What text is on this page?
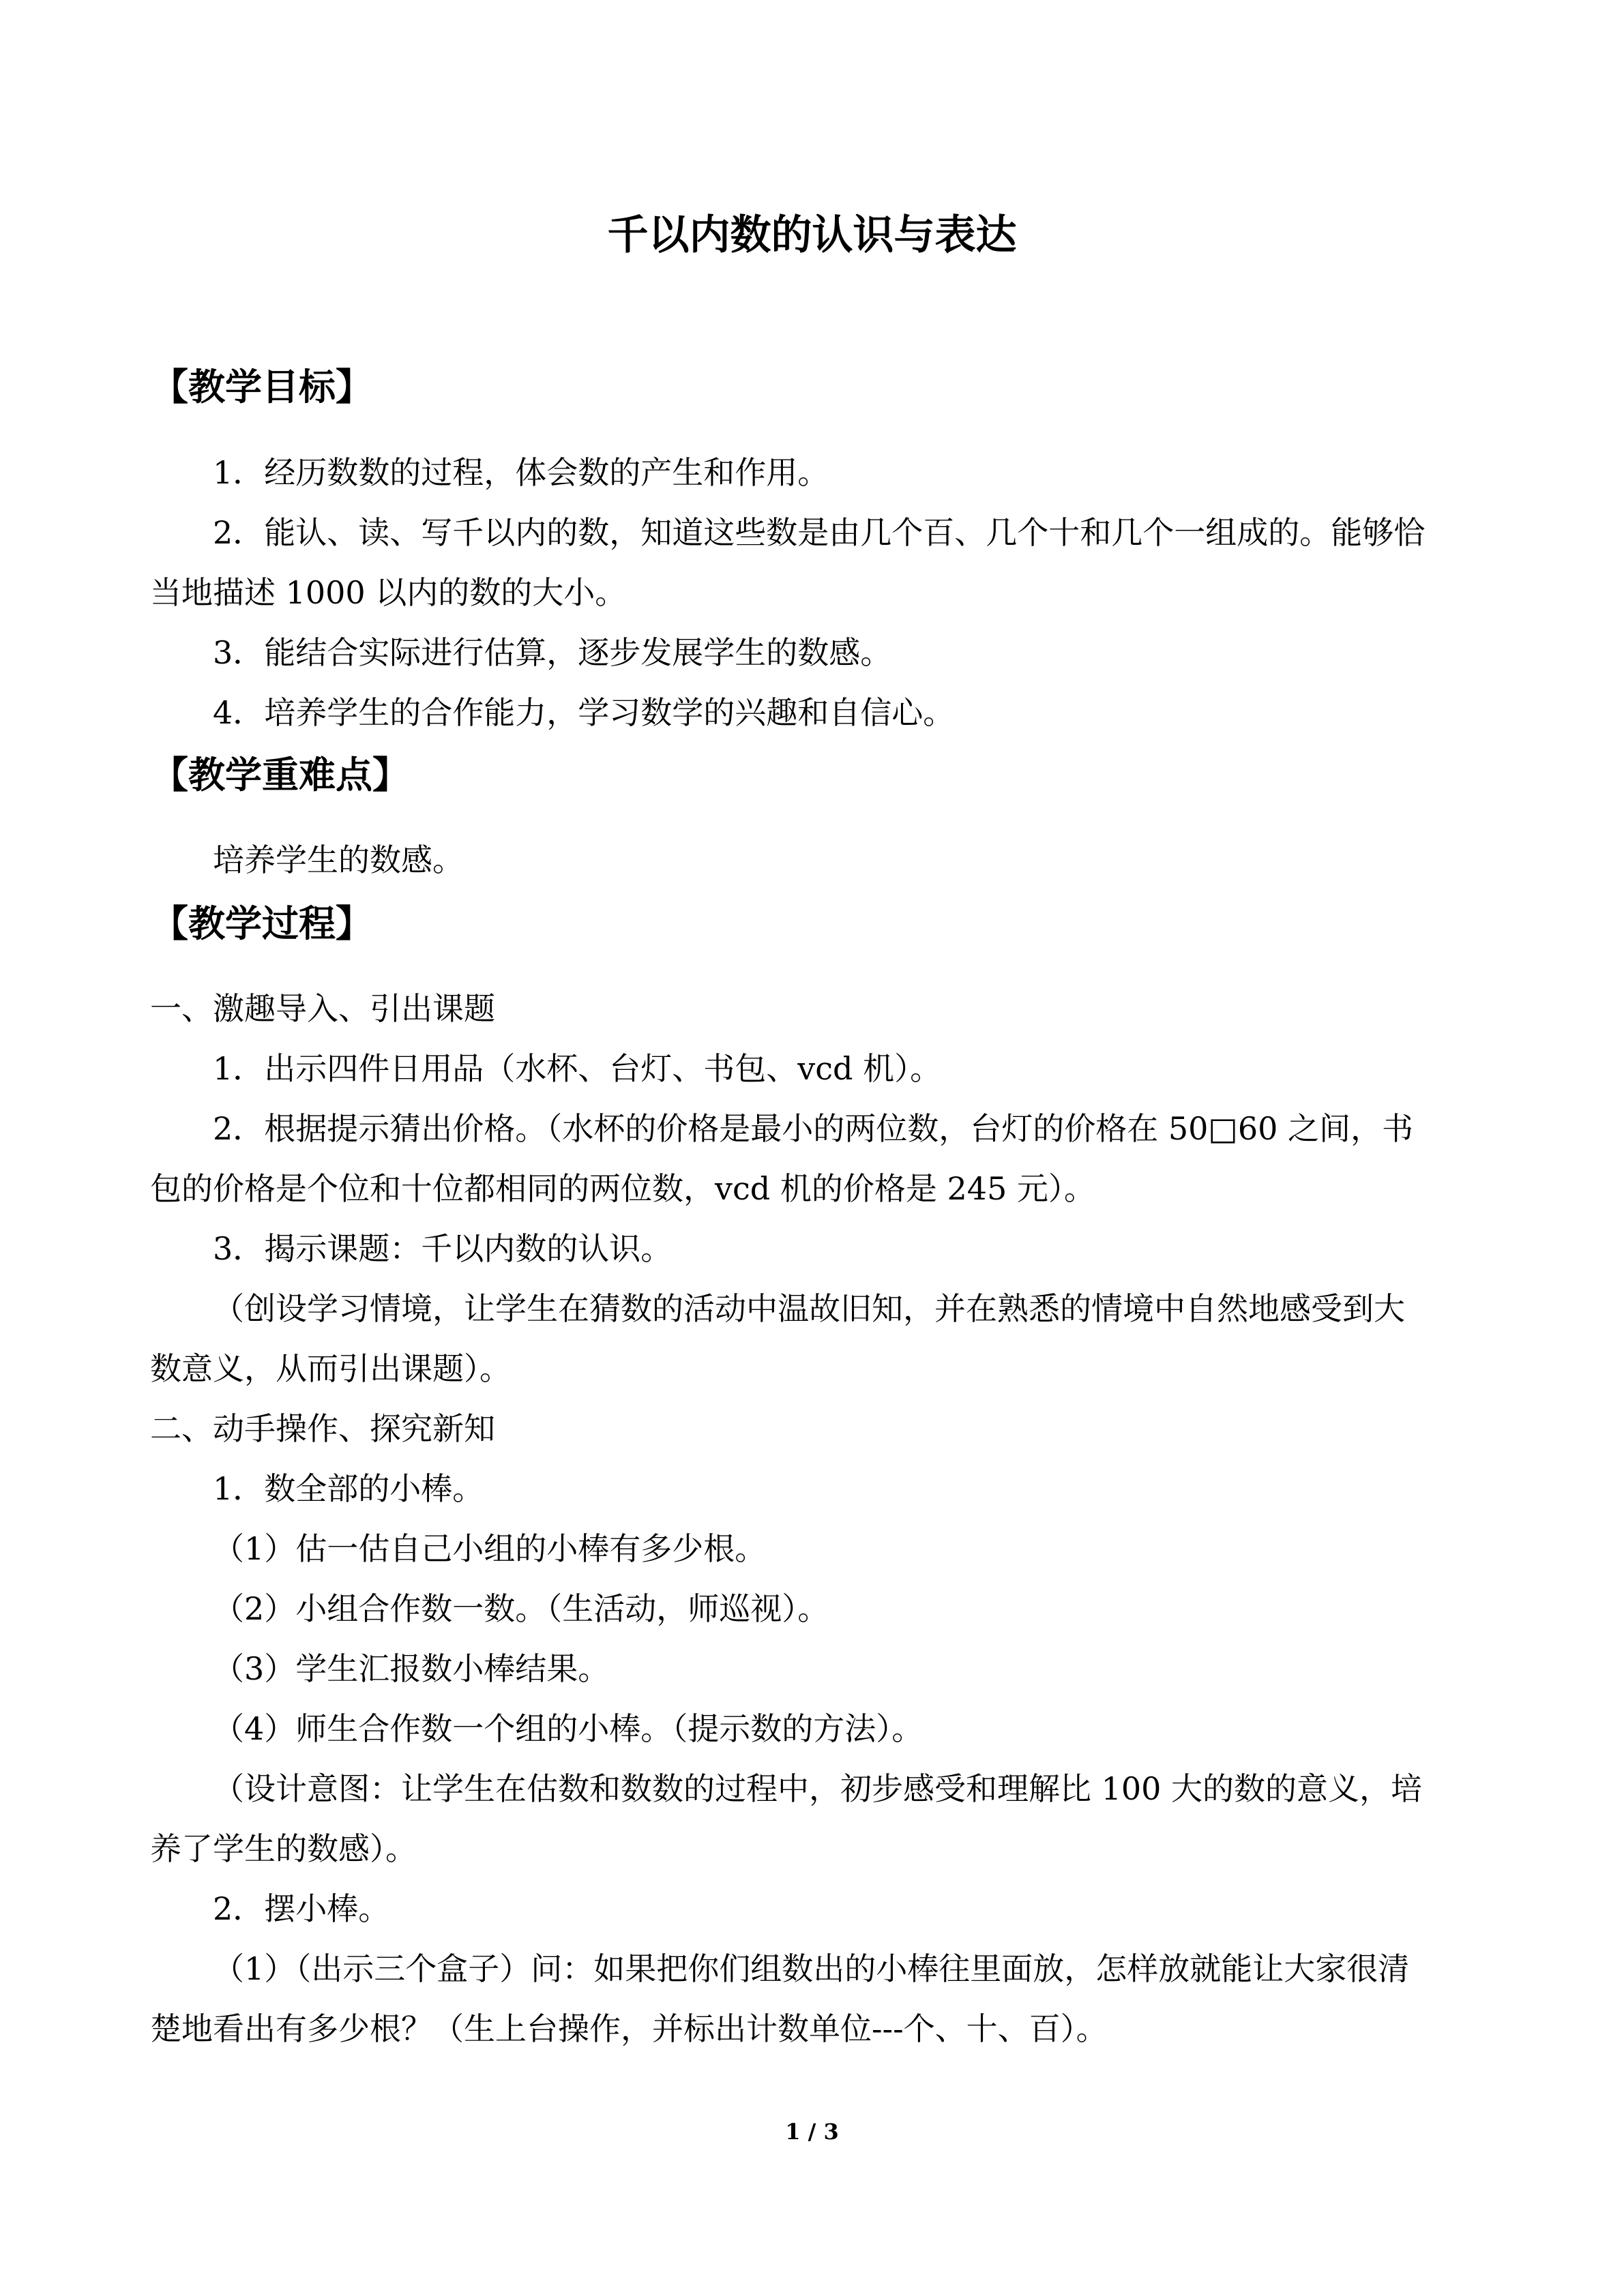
千以内数的认识与表达
【教学目标】
1．经历数数的过程，体会数的产生和作用。
2．能认、读、写千以内的数，知道这些数是由几个百、几个十和几个一组成的。能够恰
当地描述 1000 以内的数的大小。
3．能结合实际进行估算，逐步发展学生的数感。
4．培养学生的合作能力，学习数学的兴趣和自信心。
【教学重难点】
培养学生的数感。
【教学过程】
一、激趣导入、引出课题
1．出示四件日用品（水杯、台灯、书包、vcd 机）。
2．根据提示猜出价格。（水杯的价格是最小的两位数，台灯的价格在 50□60 之间，书
包的价格是个位和十位都相同的两位数，vcd 机的价格是 245 元）。
3．揭示课题：千以内数的认识。
（创设学习情境，让学生在猜数的活动中温故旧知，并在熟悉的情境中自然地感受到大
数意义，从而引出课题）。
二、动手操作、探究新知
1．数全部的小棒。
（1）估一估自己小组的小棒有多少根。
（2）小组合作数一数。（生活动，师巡视）。
（3）学生汇报数小棒结果。
（4）师生合作数一个组的小棒。（提示数的方法）。
（设计意图：让学生在估数和数数的过程中，初步感受和理解比 100 大的数的意义，培
养了学生的数感）。
2．摆小棒。
（1）（出示三个盒子）问：如果把你们组数出的小棒往里面放，怎样放就能让大家很清
楚地看出有多少根？（生上台操作，并标出计数单位---个、十、百）。
1 / 3
